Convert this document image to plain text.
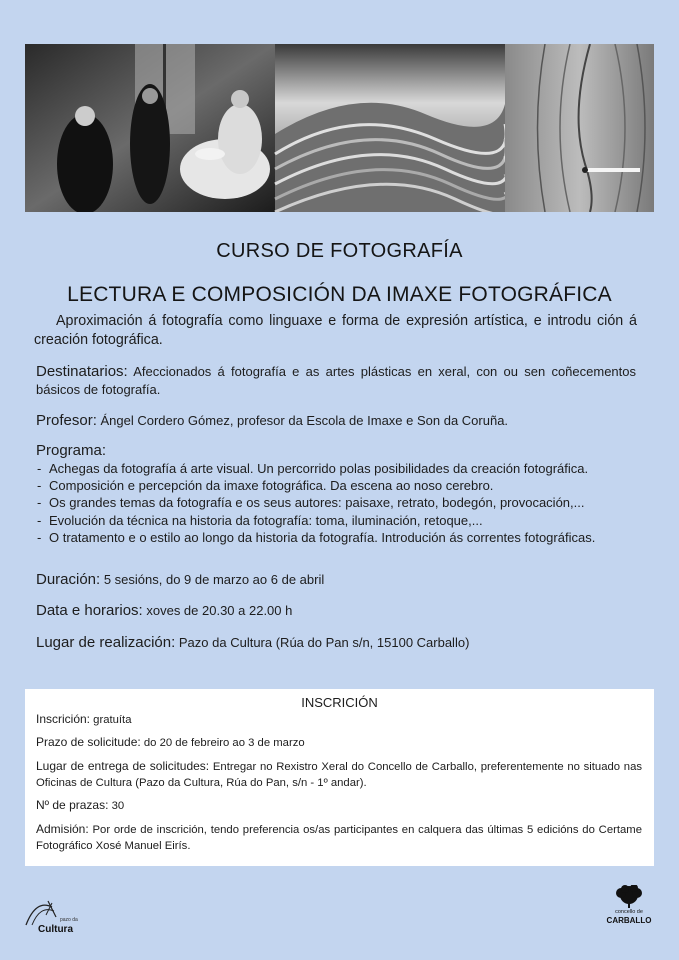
CURSO DE FOTOGRAFÍA
LECTURA E COMPOSICIÓN DA IMAXE FOTOGRÁFICA
Aproximación á fotografía como linguaxe e forma de expresión artística, e introdu ción á creación fotográfica.
Destinatarios: Afeccionados á fotografía e as artes plásticas en xeral, con ou sen coñecementos básicos de fotografía.
Profesor: Ángel Cordero Gómez, profesor da Escola de Imaxe e Son da Coruña.
Programa:
- Achegas da fotografía á arte visual. Un percorrido polas posibilidades da creación fotográfica.
- Composición e percepción da imaxe fotográfica. Da escena ao noso cerebro.
- Os grandes temas da fotografía e os seus autores: paisaxe, retrato, bodegón, provocación,...
- Evolución da técnica na historia da fotografía: toma, iluminación, retoque,...
- O tratamento e o estilo ao longo da historia da fotografía. Introdución ás correntes fotográficas.
Duración: 5 sesións, do 9 de marzo ao 6 de abril
Data e horarios: xoves de 20.30 a 22.00 h
Lugar de realización: Pazo da Cultura (Rúa do Pan s/n, 15100 Carballo)
INSCRICIÓN
Inscrición: gratuíta
Prazo de solicitude: do 20 de febreiro ao 3 de marzo
Lugar de entrega de solicitudes: Entregar no Rexistro Xeral do Concello de Carballo, preferentemente no situado nas Oficinas de Cultura (Pazo da Cultura, Rúa do Pan, s/n - 1º andar).
Nº de prazas: 30
Admisión: Por orde de inscrición, tendo preferencia os/as participantes en calquera das últimas 5 edicións do Certame Fotográfico Xosé Manuel Eirís.
pazo da
Cultura
concello de
CARBALLO
